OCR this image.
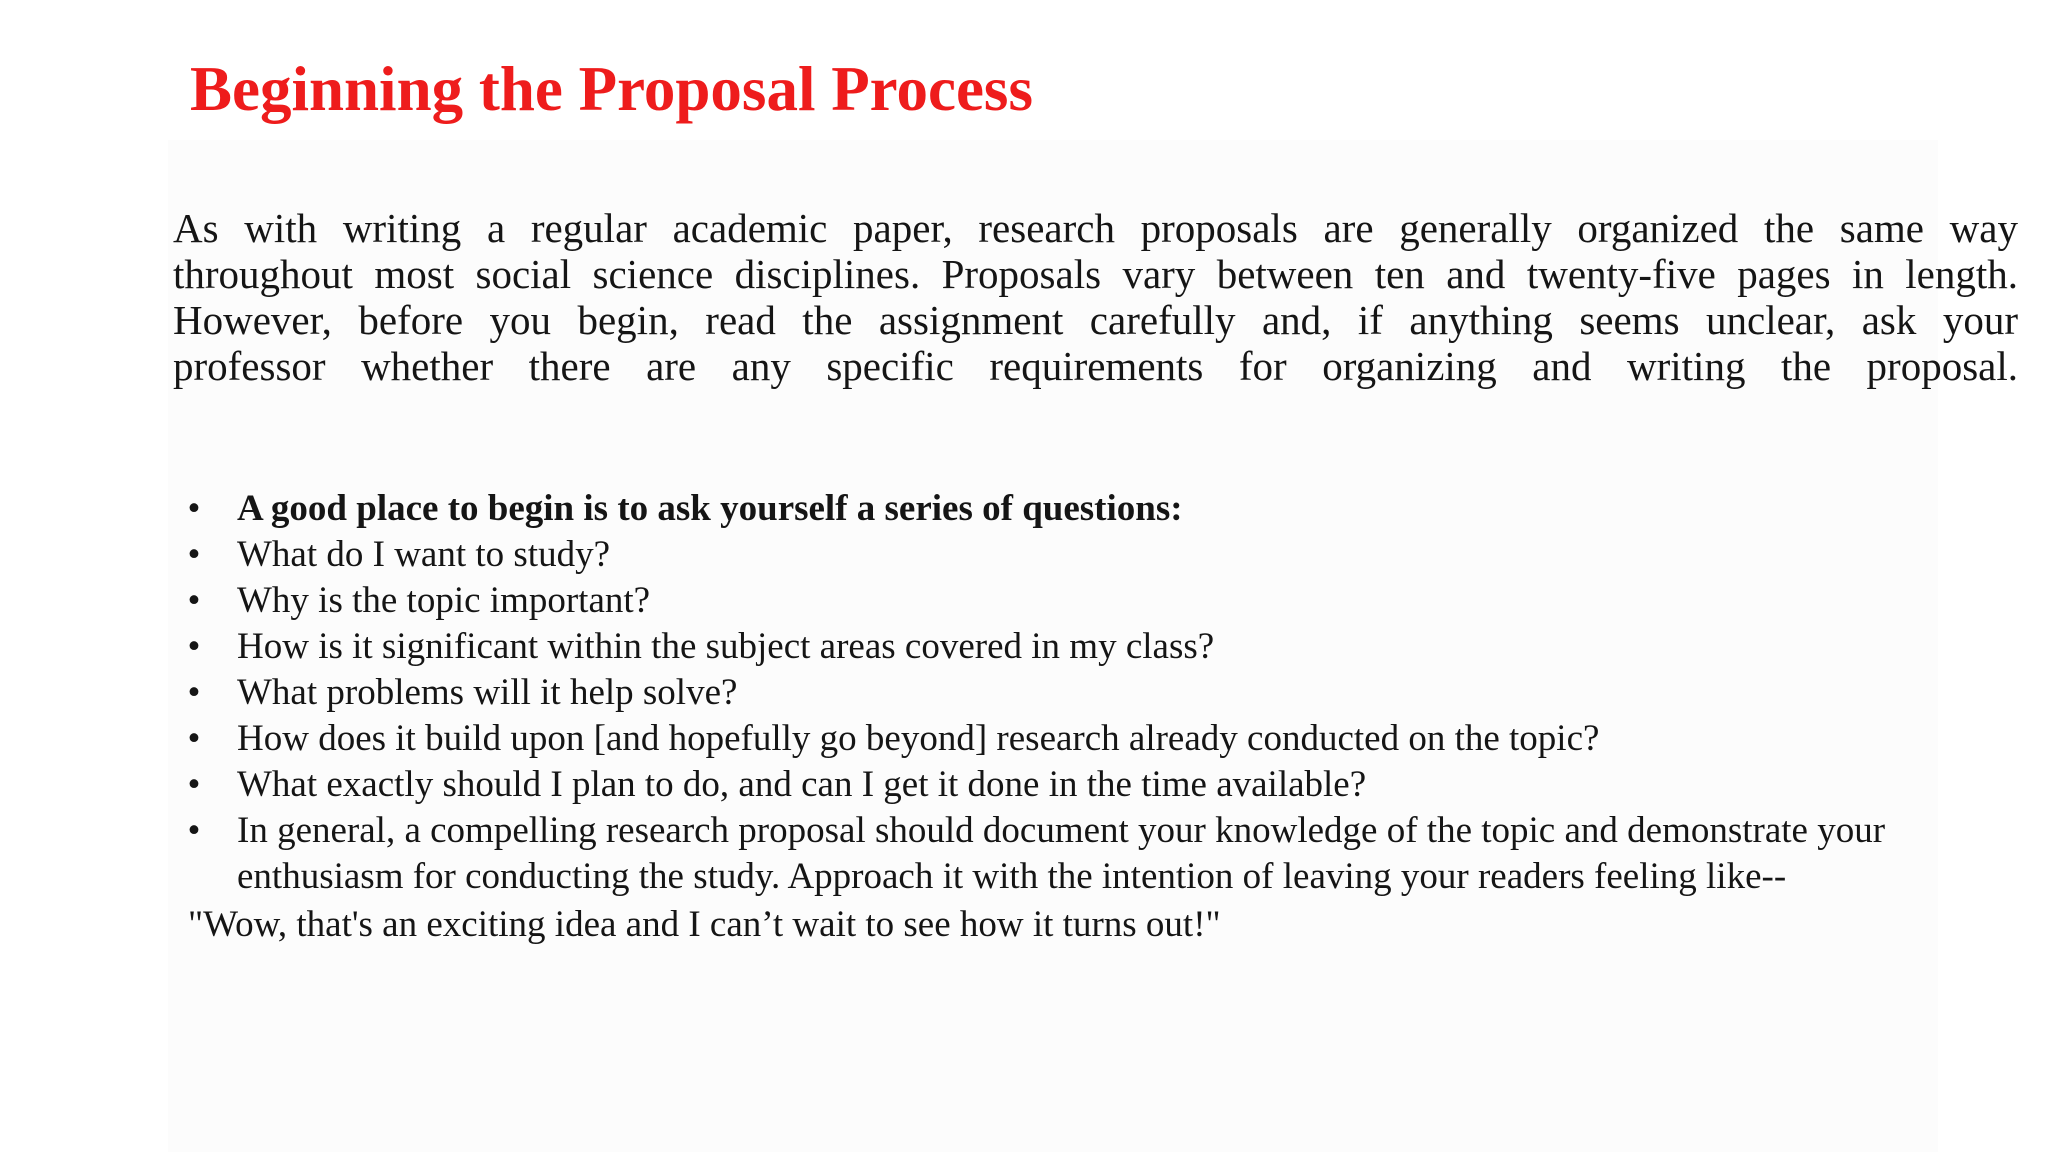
Beginning the Proposal Process

As with writing a regular academic paper, research proposals are generally organized the same way
throughout most social science disciplines. Proposals vary between ten and twenty-five pages in length.
However, before you begin, read the assignment carefully and, if anything seems unclear, ask your
professor whether there are any specific requirements for organizing and writing the proposal.

• A good place to begin is to ask yourself a series of questions:
• What do I want to study?
• Why is the topic important?
• How is it significant within the subject areas covered in my class?
• What problems will it help solve?
• How does it build upon [and hopefully go beyond] research already conducted on the topic?
• What exactly should I plan to do, and can I get it done in the time available?
• In general, a compelling research proposal should document your knowledge of the topic and demonstrate your enthusiasm for conducting the study. Approach it with the intention of leaving your readers feeling like--

"Wow, that's an exciting idea and I can’t wait to see how it turns out!"
